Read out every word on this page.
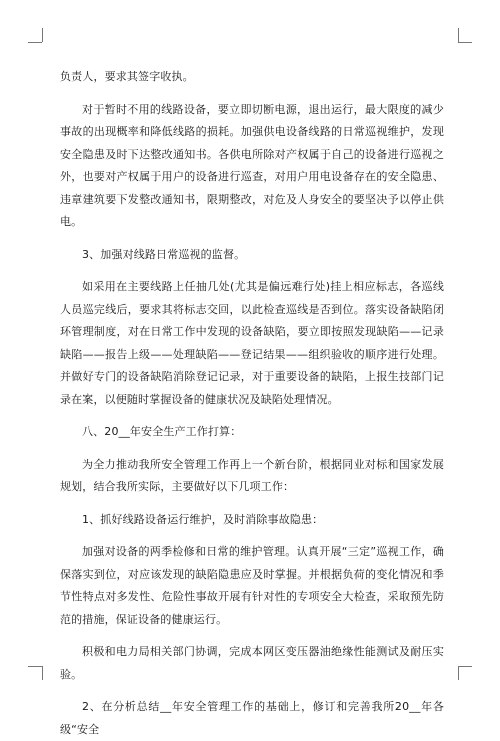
负责人，要求其签字收执。

对于暂时不用的线路设备，要立即切断电源，退出运行，最大限度的减少事故的出现概率和降低线路的损耗。加强供电设备线路的日常巡视维护，发现安全隐患及时下达整改通知书。各供电所除对产权属于自己的设备进行巡视之外，也要对产权属于用户的设备进行巡查，对用户用电设备存在的安全隐患、违章建筑要下发整改通知书，限期整改，对危及人身安全的要坚决予以停止供电。

3、加强对线路日常巡视的监督。

如采用在主要线路上任抽几处(尤其是偏远难行处)挂上相应标志，各巡线人员巡完线后，要求其将标志交回，以此检查巡线是否到位。落实设备缺陷闭环管理制度，对在日常工作中发现的设备缺陷，要立即按照发现缺陷——记录缺陷——报告上级——处理缺陷——登记结果——组织验收的顺序进行处理。并做好专门的设备缺陷消除登记记录，对于重要设备的缺陷，上报生技部门记录在案，以便随时掌握设备的健康状况及缺陷处理情况。

八、20__年安全生产工作打算：

为全力推动我所安全管理工作再上一个新台阶，根据同业对标和国家发展规划，结合我所实际，主要做好以下几项工作：

1、抓好线路设备运行维护，及时消除事故隐患：

加强对设备的两季检修和日常的维护管理。认真开展“三定”巡视工作，确保落实到位，对应该发现的缺陷隐患应及时掌握。并根据负荷的变化情况和季节性特点对多发性、危险性事故开展有针对性的专项安全大检查，采取预先防范的措施，保证设备的健康运行。

积极和电力局相关部门协调，完成本网区变压器油绝缘性能测试及耐压实验。

2、在分析总结__年安全管理工作的基础上，修订和完善我所20__年各级“安全
